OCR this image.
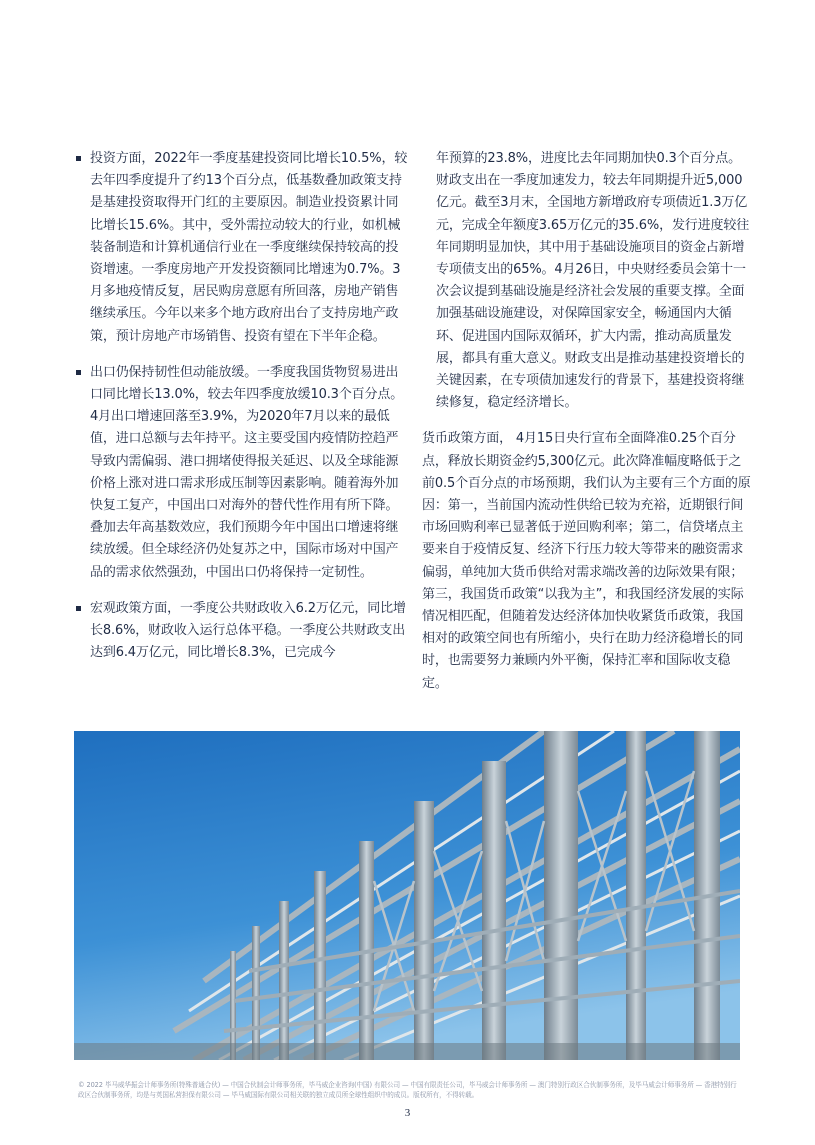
投资方面，2022年一季度基建投资同比增长10.5%，较去年四季度提升了约13个百分点，低基数叠加政策支持是基建投资取得开门红的主要原因。制造业投资累计同比增长15.6%。其中，受外需拉动较大的行业，如机械装备制造和计算机通信行业在一季度继续保持较高的投资增速。一季度房地产开发投资额同比增速为0.7%。3月多地疫情反复，居民购房意愿有所回落，房地产销售继续承压。今年以来多个地方政府出台了支持房地产政策，预计房地产市场销售、投资有望在下半年企稳。

出口仍保持韧性但动能放缓。一季度我国货物贸易进出口同比增长13.0%，较去年四季度放缓10.3个百分点。4月出口增速回落至3.9%，为2020年7月以来的最低值，进口总额与去年持平。这主要受国内疫情防控趋严导致内需偏弱、港口拥堵使得报关延迟、以及全球能源价格上涨对进口需求形成压制等因素影响。随着海外加快复工复产，中国出口对海外的替代性作用有所下降。叠加去年高基数效应，我们预期今年中国出口增速将继续放缓。但全球经济仍处复苏之中，国际市场对中国产品的需求依然强劲，中国出口仍将保持一定韧性。

宏观政策方面，一季度公共财政收入6.2万亿元，同比增长8.6%，财政收入运行总体平稳。一季度公共财政支出达到6.4万亿元，同比增长8.3%，已完成今

年预算的23.8%，进度比去年同期加快0.3个百分点。财政支出在一季度加速发力，较去年同期提升近5,000亿元。截至3月末，全国地方新增政府专项债近1.3万亿元，完成全年额度3.65万亿元的35.6%，发行进度较往年同期明显加快，其中用于基础设施项目的资金占新增专项债支出的65%。4月26日，中央财经委员会第十一次会议提到基础设施是经济社会发展的重要支撑。全面加强基础设施建设，对保障国家安全，畅通国内大循环、促进国内国际双循环，扩大内需，推动高质量发展，都具有重大意义。财政支出是推动基建投资增长的关键因素，在专项债加速发行的背景下，基建投资将继续修复，稳定经济增长。

货币政策方面， 4月15日央行宣布全面降准0.25个百分点，释放长期资金约5,300亿元。此次降准幅度略低于之前0.5个百分点的市场预期，我们认为主要有三个方面的原因：第一，当前国内流动性供给已较为充裕，近期银行间市场回购利率已显著低于逆回购利率；第二，信贷堵点主要来自于疫情反复、经济下行压力较大等带来的融资需求偏弱，单纯加大货币供给对需求端改善的边际效果有限；第三，我国货币政策“以我为主”，和我国经济发展的实际情况相匹配，但随着发达经济体加快收紧货币政策，我国相对的政策空间也有所缩小，央行在助力经济稳增长的同时，也需要努力兼顾内外平衡，保持汇率和国际收支稳定。

© 2022 毕马威华振会计师事务所(特殊普通合伙) — 中国合伙制会计师事务所，毕马威企业咨询(中国) 有限公司 — 中国有限责任公司，毕马威会计师事务所 — 澳门特别行政区合伙制事务所，及毕马威会计师事务所 — 香港特别行政区合伙制事务所，均是与英国私营担保有限公司 — 毕马威国际有限公司相关联的独立成员所全球性组织中的成员。版权所有，不得转载。
3
